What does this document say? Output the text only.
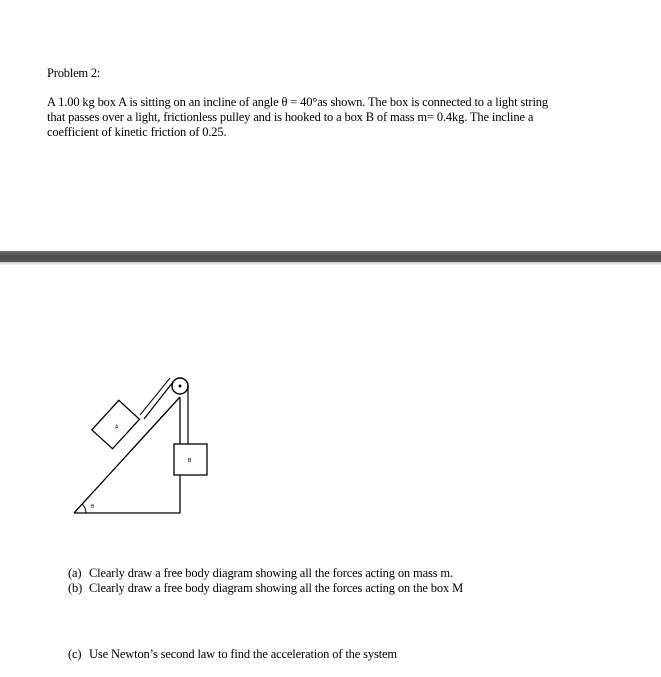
Problem 2:
A 1.00 kg box A is sitting on an incline of angle θ = 40°as shown. The box is connected to a light string
that passes over a light, frictionless pulley and is hooked to a box B of mass m= 0.4kg. The incline a
coefficient of kinetic friction of 0.25.
θ
A
B
(a) Clearly draw a free body diagram showing all the forces acting on mass m.
(b) Clearly draw a free body diagram showing all the forces acting on the box M
(c) Use Newton’s second law to find the acceleration of the system
